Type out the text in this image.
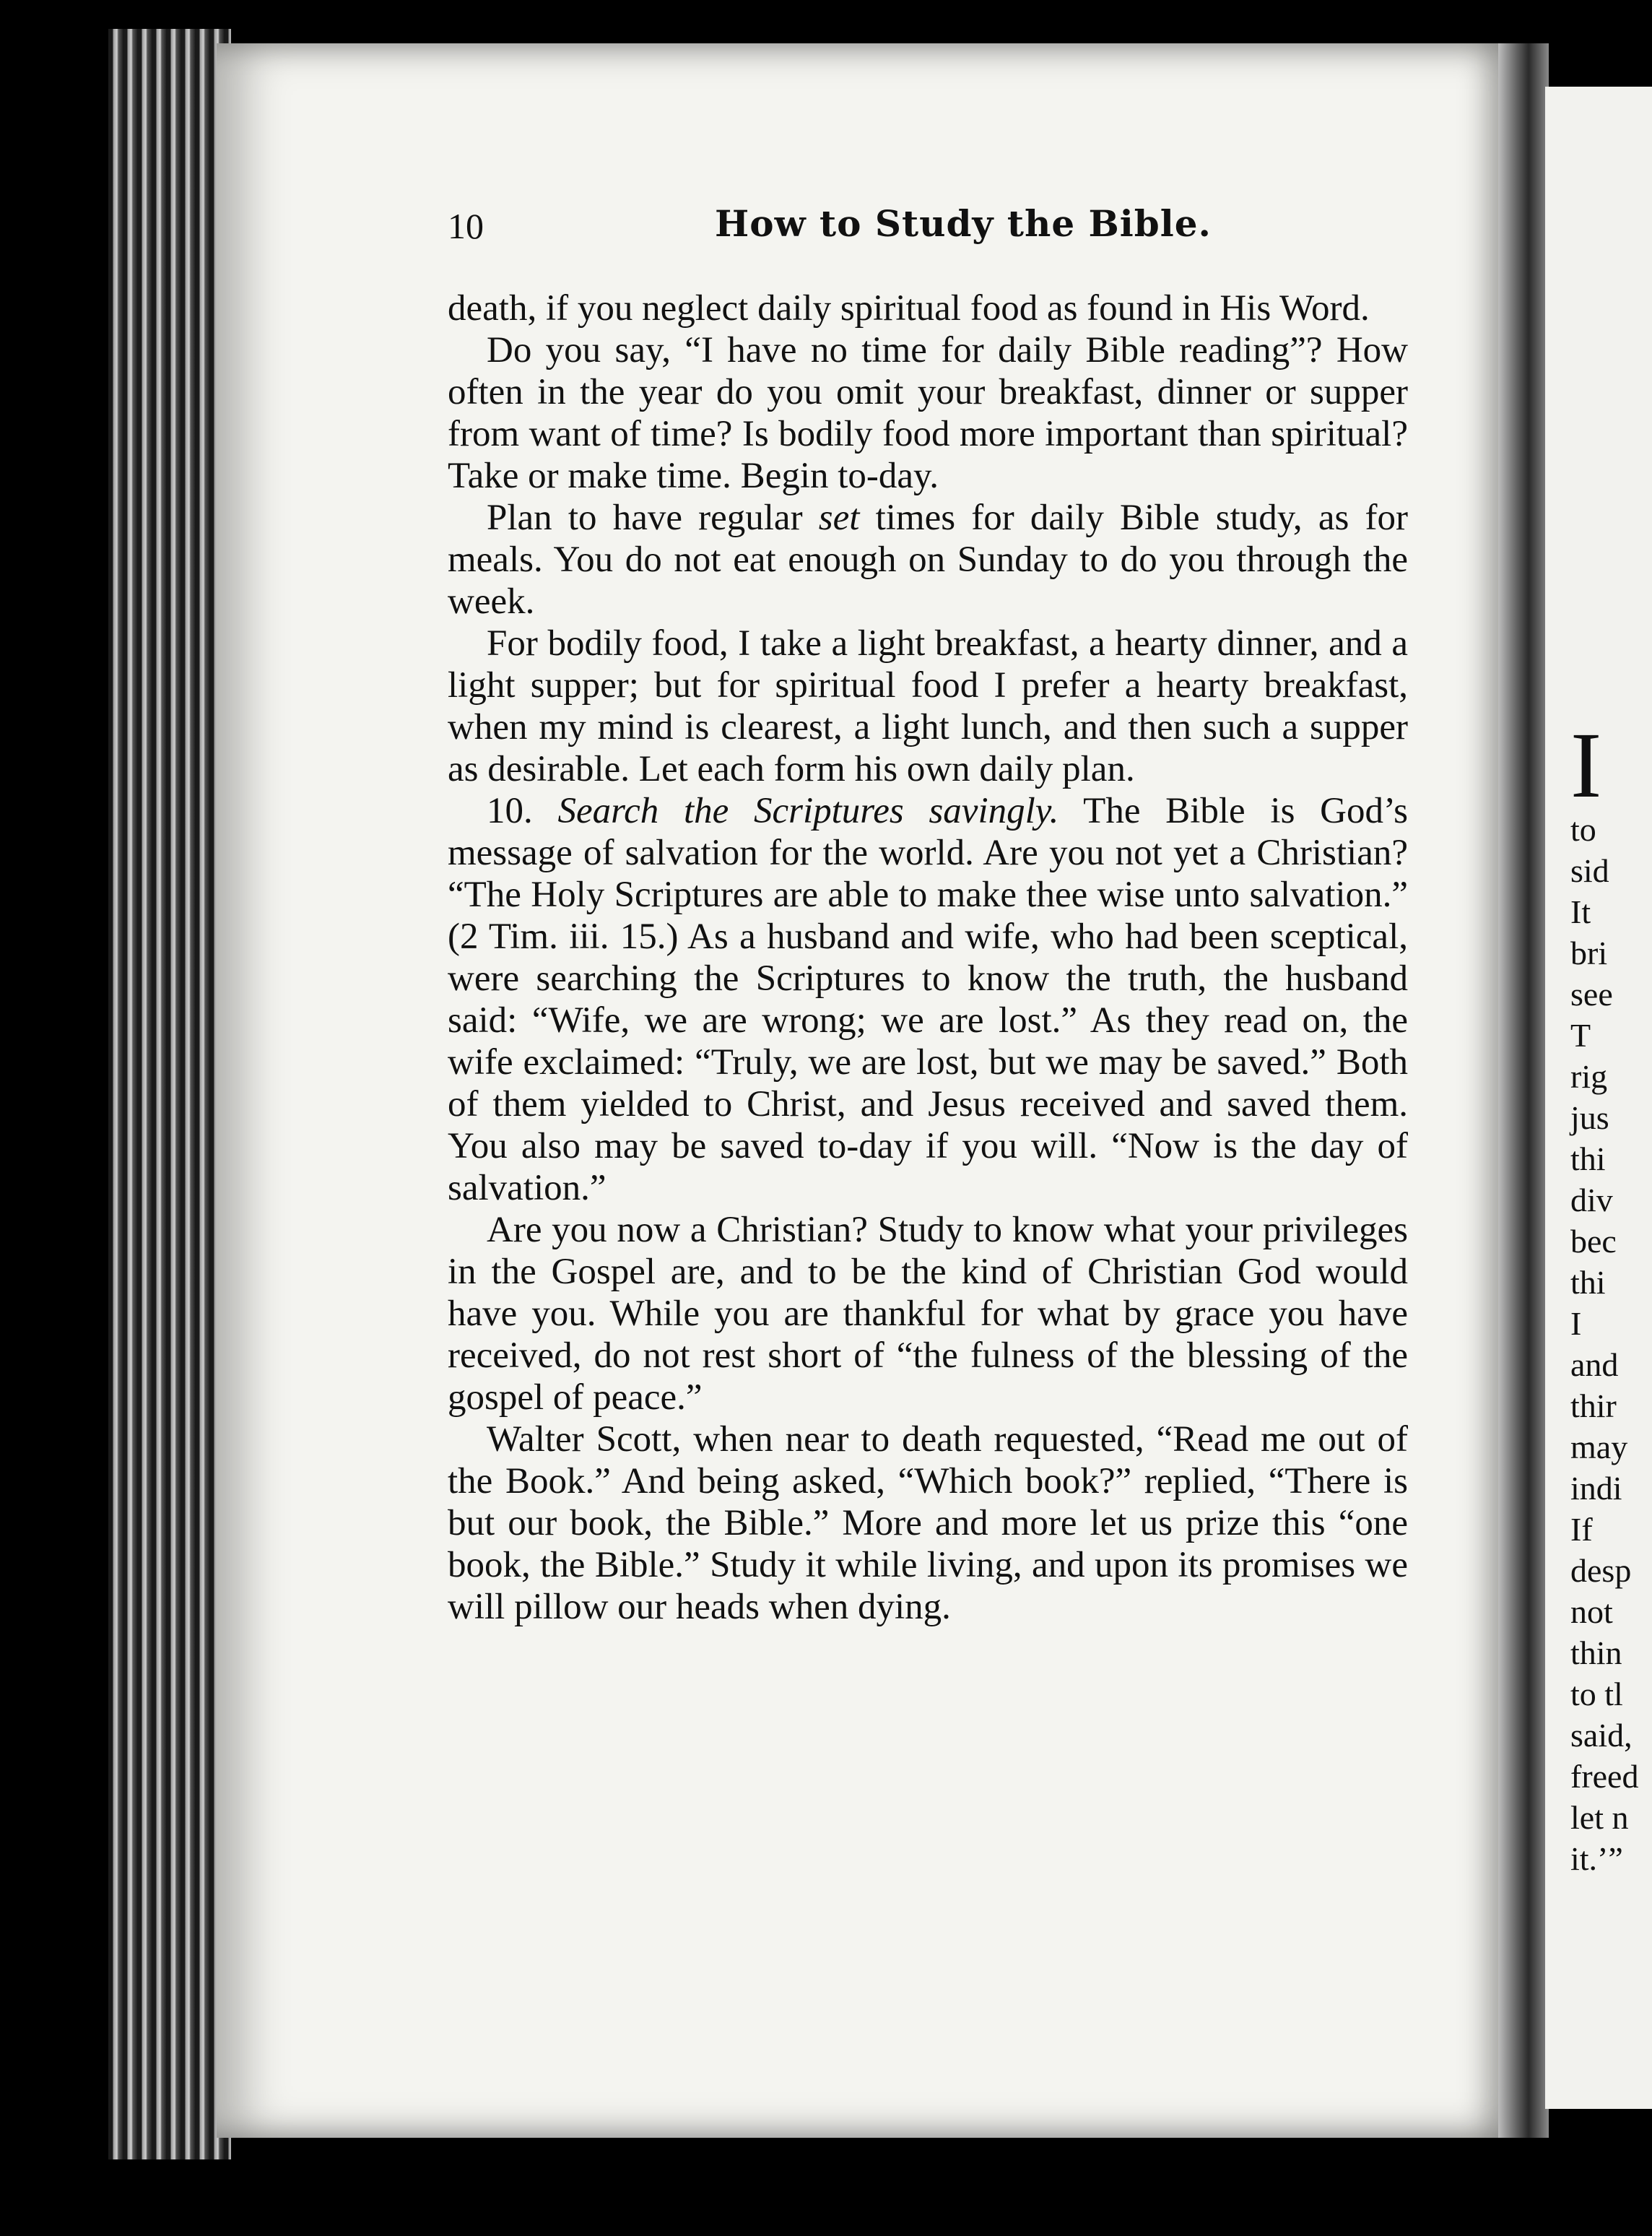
10	How to Study the Bible.

death, if you neglect daily spiritual food as found in His Word.

Do you say, “I have no time for daily Bible reading”? How often in the year do you omit your breakfast, dinner or supper from want of time? Is bodily food more important than spiritual? Take or make time. Begin to-day.

Plan to have regular set times for daily Bible study, as for meals. You do not eat enough on Sunday to do you through the week.

For bodily food, I take a light breakfast, a hearty dinner, and a light supper; but for spiritual food I prefer a hearty breakfast, when my mind is clearest, a light lunch, and then such a supper as desirable. Let each form his own daily plan.

10. Search the Scriptures savingly. The Bible is God’s message of salvation for the world. Are you not yet a Christian? “The Holy Scriptures are able to make thee wise unto salvation.” (2 Tim. iii. 15.) As a husband and wife, who had been sceptical, were searching the Scriptures to know the truth, the husband said: “Wife, we are wrong; we are lost.” As they read on, the wife exclaimed: “Truly, we are lost, but we may be saved.” Both of them yielded to Christ, and Jesus received and saved them. You also may be saved to-day if you will. “Now is the day of salvation.”

Are you now a Christian? Study to know what your privileges in the Gospel are, and to be the kind of Christian God would have you. While you are thankful for what by grace you have received, do not rest short of “the fulness of the blessing of the gospel of peace.”

Walter Scott, when near to death requested, “Read me out of the Book.” And being asked, “Which book?” replied, “There is but our book, the Bible.” More and more let us prize this “one book, the Bible.” Study it while living, and upon its promises we will pillow our heads when dying.

I
to
sid
It
bri
see
T
rig
jus
thi
div
bec
thi
I
and
thir
may
indi
If
desp
not
thin
to tl
said,
freed
let n
it.’”
